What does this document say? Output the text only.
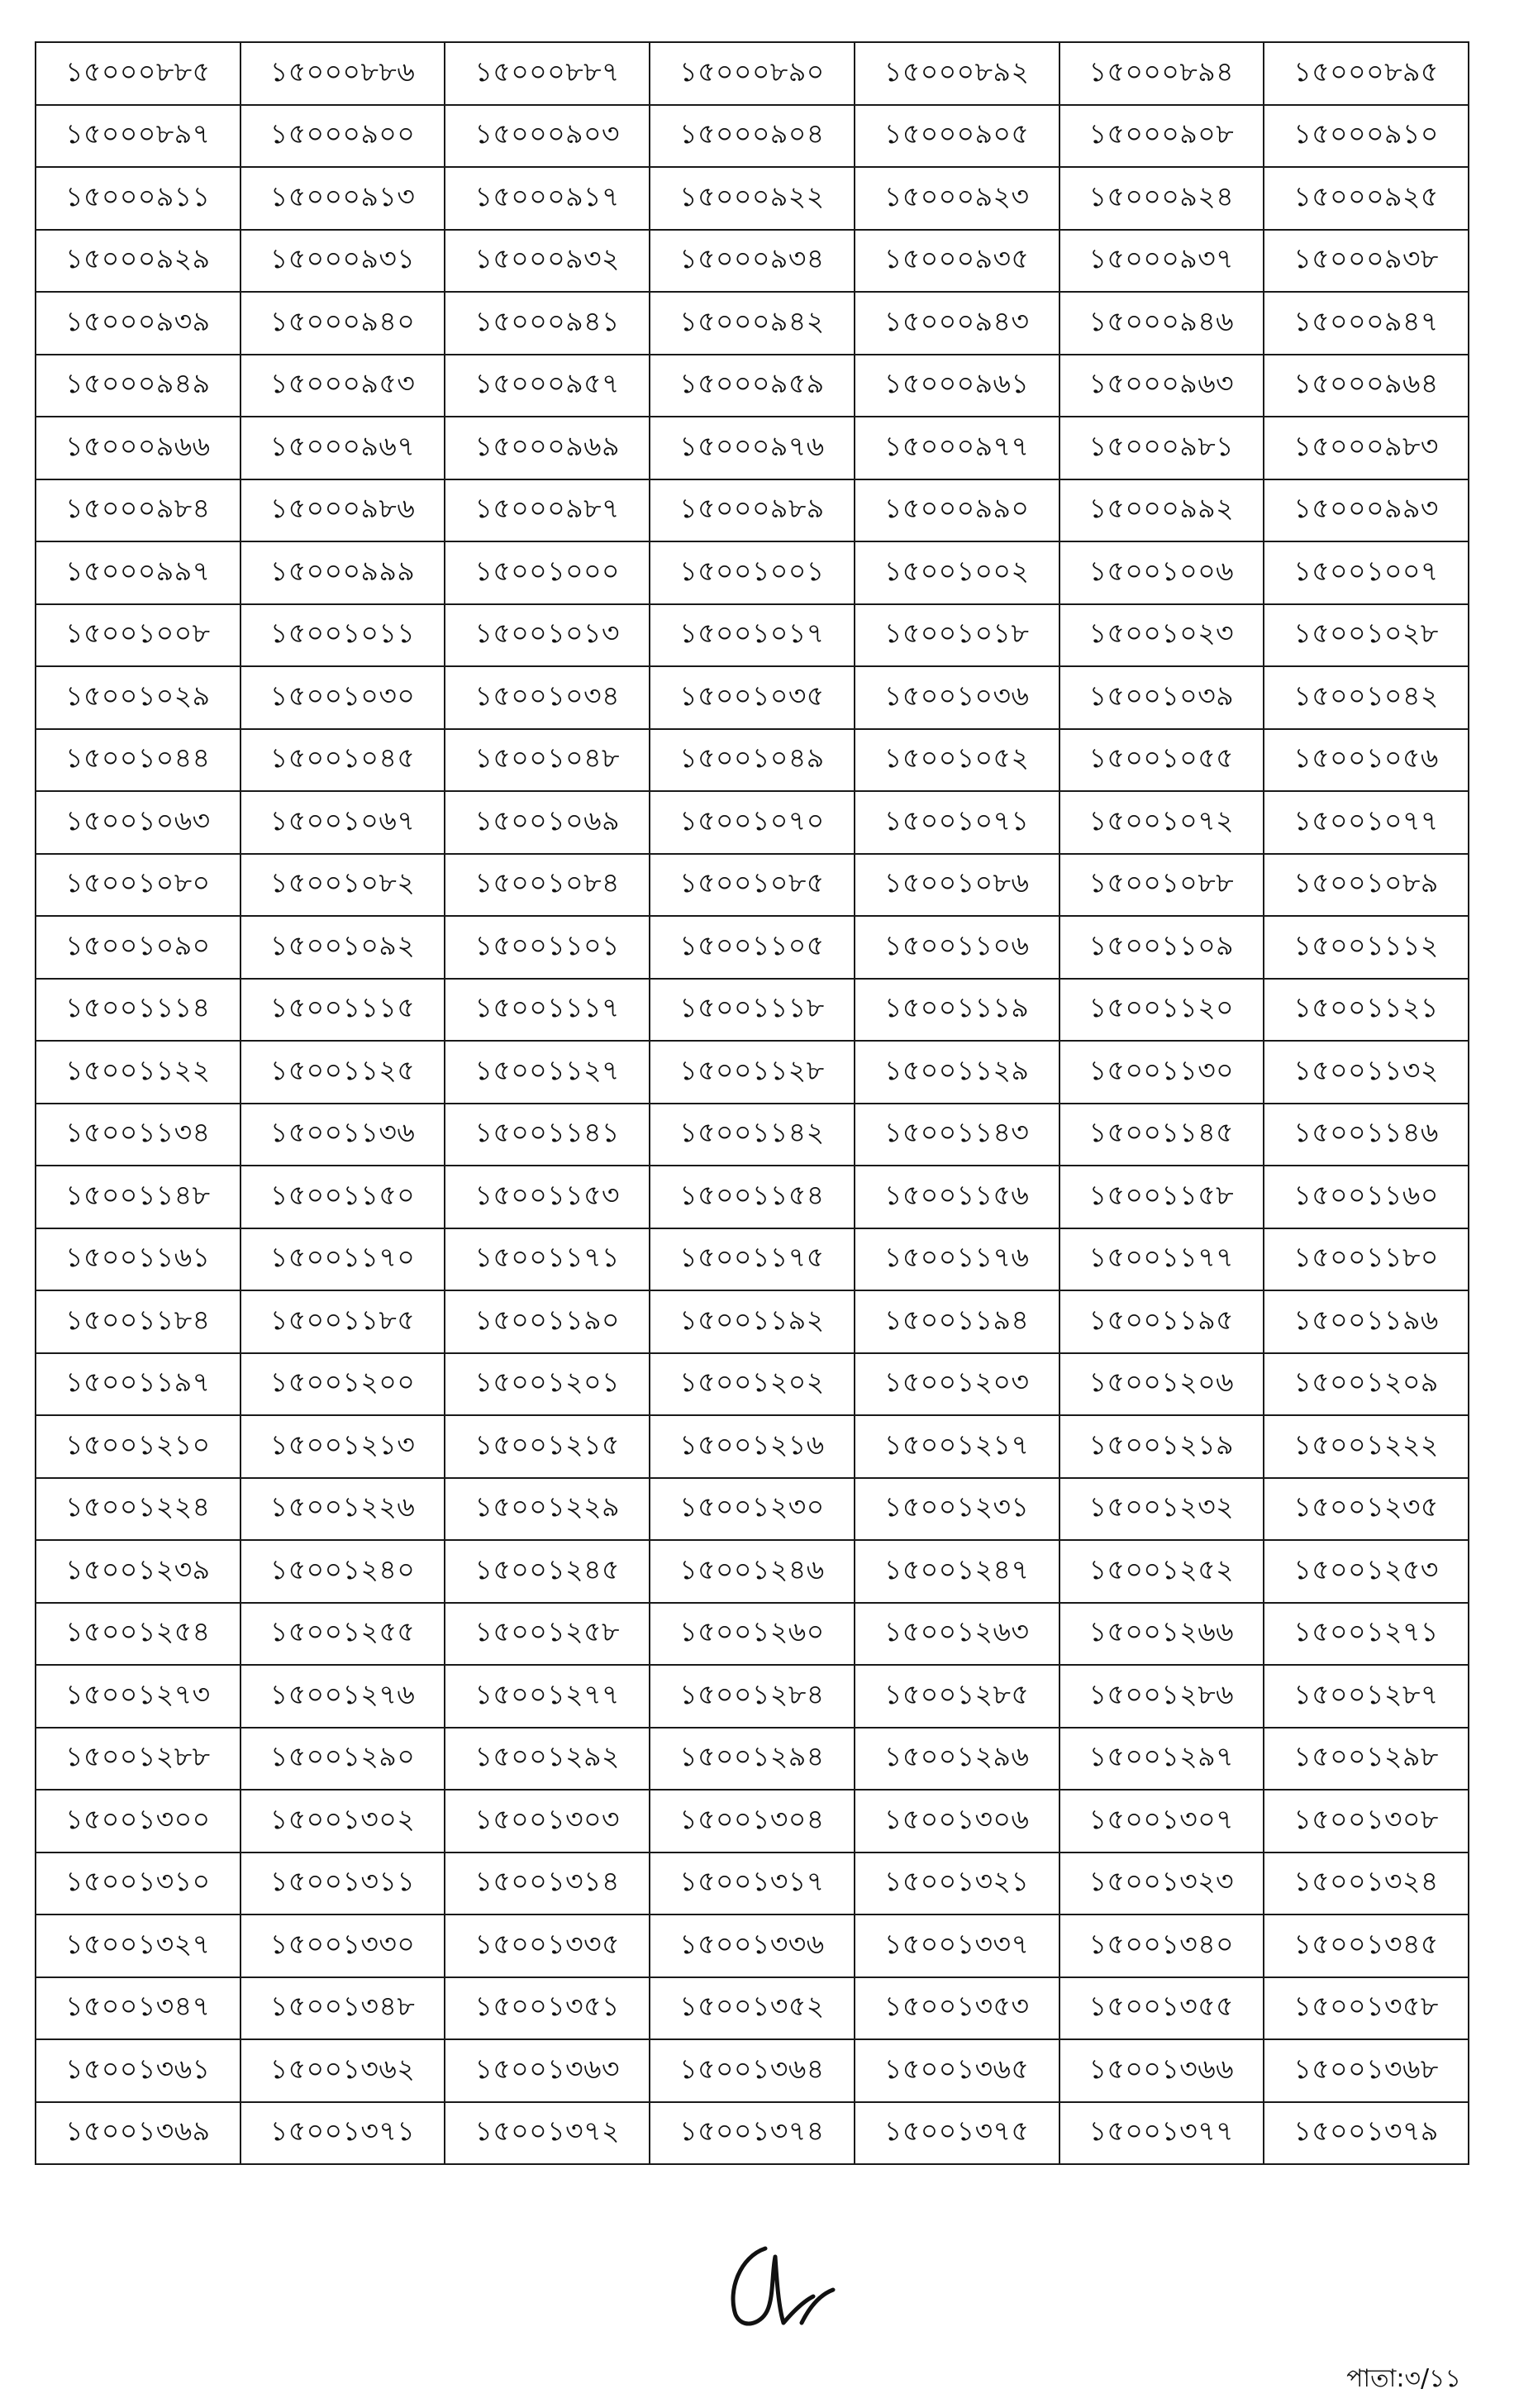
১৫০০০৮৮৫	১৫০০০৮৮৬	১৫০০০৮৮৭	১৫০০০৮৯০	১৫০০০৮৯২	১৫০০০৮৯৪	১৫০০০৮৯৫
১৫০০০৮৯৭	১৫০০০৯০০	১৫০০০৯০৩	১৫০০০৯০৪	১৫০০০৯০৫	১৫০০০৯০৮	১৫০০০৯১০
১৫০০০৯১১	১৫০০০৯১৩	১৫০০০৯১৭	১৫০০০৯২২	১৫০০০৯২৩	১৫০০০৯২৪	১৫০০০৯২৫
১৫০০০৯২৯	১৫০০০৯৩১	১৫০০০৯৩২	১৫০০০৯৩৪	১৫০০০৯৩৫	১৫০০০৯৩৭	১৫০০০৯৩৮
১৫০০০৯৩৯	১৫০০০৯৪০	১৫০০০৯৪১	১৫০০০৯৪২	১৫০০০৯৪৩	১৫০০০৯৪৬	১৫০০০৯৪৭
১৫০০০৯৪৯	১৫০০০৯৫৩	১৫০০০৯৫৭	১৫০০০৯৫৯	১৫০০০৯৬১	১৫০০০৯৬৩	১৫০০০৯৬৪
১৫০০০৯৬৬	১৫০০০৯৬৭	১৫০০০৯৬৯	১৫০০০৯৭৬	১৫০০০৯৭৭	১৫০০০৯৮১	১৫০০০৯৮৩
১৫০০০৯৮৪	১৫০০০৯৮৬	১৫০০০৯৮৭	১৫০০০৯৮৯	১৫০০০৯৯০	১৫০০০৯৯২	১৫০০০৯৯৩
১৫০০০৯৯৭	১৫০০০৯৯৯	১৫০০১০০০	১৫০০১০০১	১৫০০১০০২	১৫০০১০০৬	১৫০০১০০৭
১৫০০১০০৮	১৫০০১০১১	১৫০০১০১৩	১৫০০১০১৭	১৫০০১০১৮	১৫০০১০২৩	১৫০০১০২৮
১৫০০১০২৯	১৫০০১০৩০	১৫০০১০৩৪	১৫০০১০৩৫	১৫০০১০৩৬	১৫০০১০৩৯	১৫০০১০৪২
১৫০০১০৪৪	১৫০০১০৪৫	১৫০০১০৪৮	১৫০০১০৪৯	১৫০০১০৫২	১৫০০১০৫৫	১৫০০১০৫৬
১৫০০১০৬৩	১৫০০১০৬৭	১৫০০১০৬৯	১৫০০১০৭০	১৫০০১০৭১	১৫০০১০৭২	১৫০০১০৭৭
১৫০০১০৮০	১৫০০১০৮২	১৫০০১০৮৪	১৫০০১০৮৫	১৫০০১০৮৬	১৫০০১০৮৮	১৫০০১০৮৯
১৫০০১০৯০	১৫০০১০৯২	১৫০০১১০১	১৫০০১১০৫	১৫০০১১০৬	১৫০০১১০৯	১৫০০১১১২
১৫০০১১১৪	১৫০০১১১৫	১৫০০১১১৭	১৫০০১১১৮	১৫০০১১১৯	১৫০০১১২০	১৫০০১১২১
১৫০০১১২২	১৫০০১১২৫	১৫০০১১২৭	১৫০০১১২৮	১৫০০১১২৯	১৫০০১১৩০	১৫০০১১৩২
১৫০০১১৩৪	১৫০০১১৩৬	১৫০০১১৪১	১৫০০১১৪২	১৫০০১১৪৩	১৫০০১১৪৫	১৫০০১১৪৬
১৫০০১১৪৮	১৫০০১১৫০	১৫০০১১৫৩	১৫০০১১৫৪	১৫০০১১৫৬	১৫০০১১৫৮	১৫০০১১৬০
১৫০০১১৬১	১৫০০১১৭০	১৫০০১১৭১	১৫০০১১৭৫	১৫০০১১৭৬	১৫০০১১৭৭	১৫০০১১৮০
১৫০০১১৮৪	১৫০০১১৮৫	১৫০০১১৯০	১৫০০১১৯২	১৫০০১১৯৪	১৫০০১১৯৫	১৫০০১১৯৬
১৫০০১১৯৭	১৫০০১২০০	১৫০০১২০১	১৫০০১২০২	১৫০০১২০৩	১৫০০১২০৬	১৫০০১২০৯
১৫০০১২১০	১৫০০১২১৩	১৫০০১২১৫	১৫০০১২১৬	১৫০০১২১৭	১৫০০১২১৯	১৫০০১২২২
১৫০০১২২৪	১৫০০১২২৬	১৫০০১২২৯	১৫০০১২৩০	১৫০০১২৩১	১৫০০১২৩২	১৫০০১২৩৫
১৫০০১২৩৯	১৫০০১২৪০	১৫০০১২৪৫	১৫০০১২৪৬	১৫০০১২৪৭	১৫০০১২৫২	১৫০০১২৫৩
১৫০০১২৫৪	১৫০০১২৫৫	১৫০০১২৫৮	১৫০০১২৬০	১৫০০১২৬৩	১৫০০১২৬৬	১৫০০১২৭১
১৫০০১২৭৩	১৫০০১২৭৬	১৫০০১২৭৭	১৫০০১২৮৪	১৫০০১২৮৫	১৫০০১২৮৬	১৫০০১২৮৭
১৫০০১২৮৮	১৫০০১২৯০	১৫০০১২৯২	১৫০০১২৯৪	১৫০০১২৯৬	১৫০০১২৯৭	১৫০০১২৯৮
১৫০০১৩০০	১৫০০১৩০২	১৫০০১৩০৩	১৫০০১৩০৪	১৫০০১৩০৬	১৫০০১৩০৭	১৫০০১৩০৮
১৫০০১৩১০	১৫০০১৩১১	১৫০০১৩১৪	১৫০০১৩১৭	১৫০০১৩২১	১৫০০১৩২৩	১৫০০১৩২৪
১৫০০১৩২৭	১৫০০১৩৩০	১৫০০১৩৩৫	১৫০০১৩৩৬	১৫০০১৩৩৭	১৫০০১৩৪০	১৫০০১৩৪৫
১৫০০১৩৪৭	১৫০০১৩৪৮	১৫০০১৩৫১	১৫০০১৩৫২	১৫০০১৩৫৩	১৫০০১৩৫৫	১৫০০১৩৫৮
১৫০০১৩৬১	১৫০০১৩৬২	১৫০০১৩৬৩	১৫০০১৩৬৪	১৫০০১৩৬৫	১৫০০১৩৬৬	১৫০০১৩৬৮
১৫০০১৩৬৯	১৫০০১৩৭১	১৫০০১৩৭২	১৫০০১৩৭৪	১৫০০১৩৭৫	১৫০০১৩৭৭	১৫০০১৩৭৯
পাতা:৩/১১
